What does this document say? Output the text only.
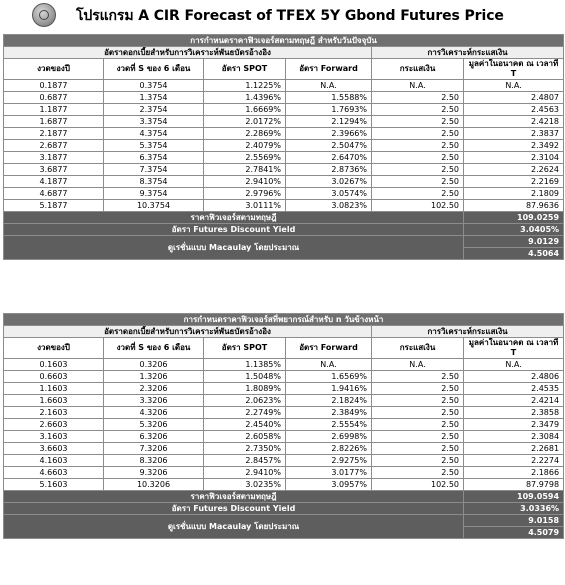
โปรแกรม A CIR Forecast of TFEX 5Y Gbond Futures Price
การกำหนดราคาฟิวเจอร์สตามทฤษฎี สำหรับวันปัจจุบัน					
อัตราดอกเบี้ยสำหรับการวิเคราะห์พันธบัตรอ้างอิง				การวิเคราะห์กระแสเงิน	
งวดของปี	งวดที่ S ของ 6 เดือน	อัตรา SPOT	อัตรา Forward	กระแสเงิน	มูลค่าในอนาคต ณ เวลาที่ T
0.1877	0.3754	1.1225%	N.A.	N.A.	N.A.
0.6877	1.3754	1.4396%	1.5588%	2.50	2.4807
1.1877	2.3754	1.6669%	1.7693%	2.50	2.4563
1.6877	3.3754	2.0172%	2.1294%	2.50	2.4218
2.1877	4.3754	2.2869%	2.3966%	2.50	2.3837
2.6877	5.3754	2.4079%	2.5047%	2.50	2.3492
3.1877	6.3754	2.5569%	2.6470%	2.50	2.3104
3.6877	7.3754	2.7841%	2.8736%	2.50	2.2624
4.1877	8.3754	2.9410%	3.0267%	2.50	2.2169
4.6877	9.3754	2.9796%	3.0574%	2.50	2.1809
5.1877	10.3754	3.0111%	3.0823%	102.50	87.9636
ราคาฟิวเจอร์สตามทฤษฎี					109.0259
อัตรา Futures Discount Yield					3.0405%
ดูเรชั่นแบบ Macaulay โดยประมาณ					9.0129
					4.5064
การกำหนดราคาฟิวเจอร์สที่พยากรณ์สำหรับ n วันข้างหน้า					
อัตราดอกเบี้ยสำหรับการวิเคราะห์พันธบัตรอ้างอิง				การวิเคราะห์กระแสเงิน	
งวดของปี	งวดที่ S ของ 6 เดือน	อัตรา SPOT	อัตรา Forward	กระแสเงิน	มูลค่าในอนาคต ณ เวลาที่ T
0.1603	0.3206	1.1385%	N.A.	N.A.	N.A.
0.6603	1.3206	1.5048%	1.6569%	2.50	2.4806
1.1603	2.3206	1.8089%	1.9416%	2.50	2.4535
1.6603	3.3206	2.0623%	2.1824%	2.50	2.4214
2.1603	4.3206	2.2749%	2.3849%	2.50	2.3858
2.6603	5.3206	2.4540%	2.5554%	2.50	2.3479
3.1603	6.3206	2.6058%	2.6998%	2.50	2.3084
3.6603	7.3206	2.7350%	2.8226%	2.50	2.2681
4.1603	8.3206	2.8457%	2.9275%	2.50	2.2274
4.6603	9.3206	2.9410%	3.0177%	2.50	2.1866
5.1603	10.3206	3.0235%	3.0957%	102.50	87.9798
ราคาฟิวเจอร์สตามทฤษฎี					109.0594
อัตรา Futures Discount Yield					3.0336%
ดูเรชั่นแบบ Macaulay โดยประมาณ					9.0158
					4.5079
